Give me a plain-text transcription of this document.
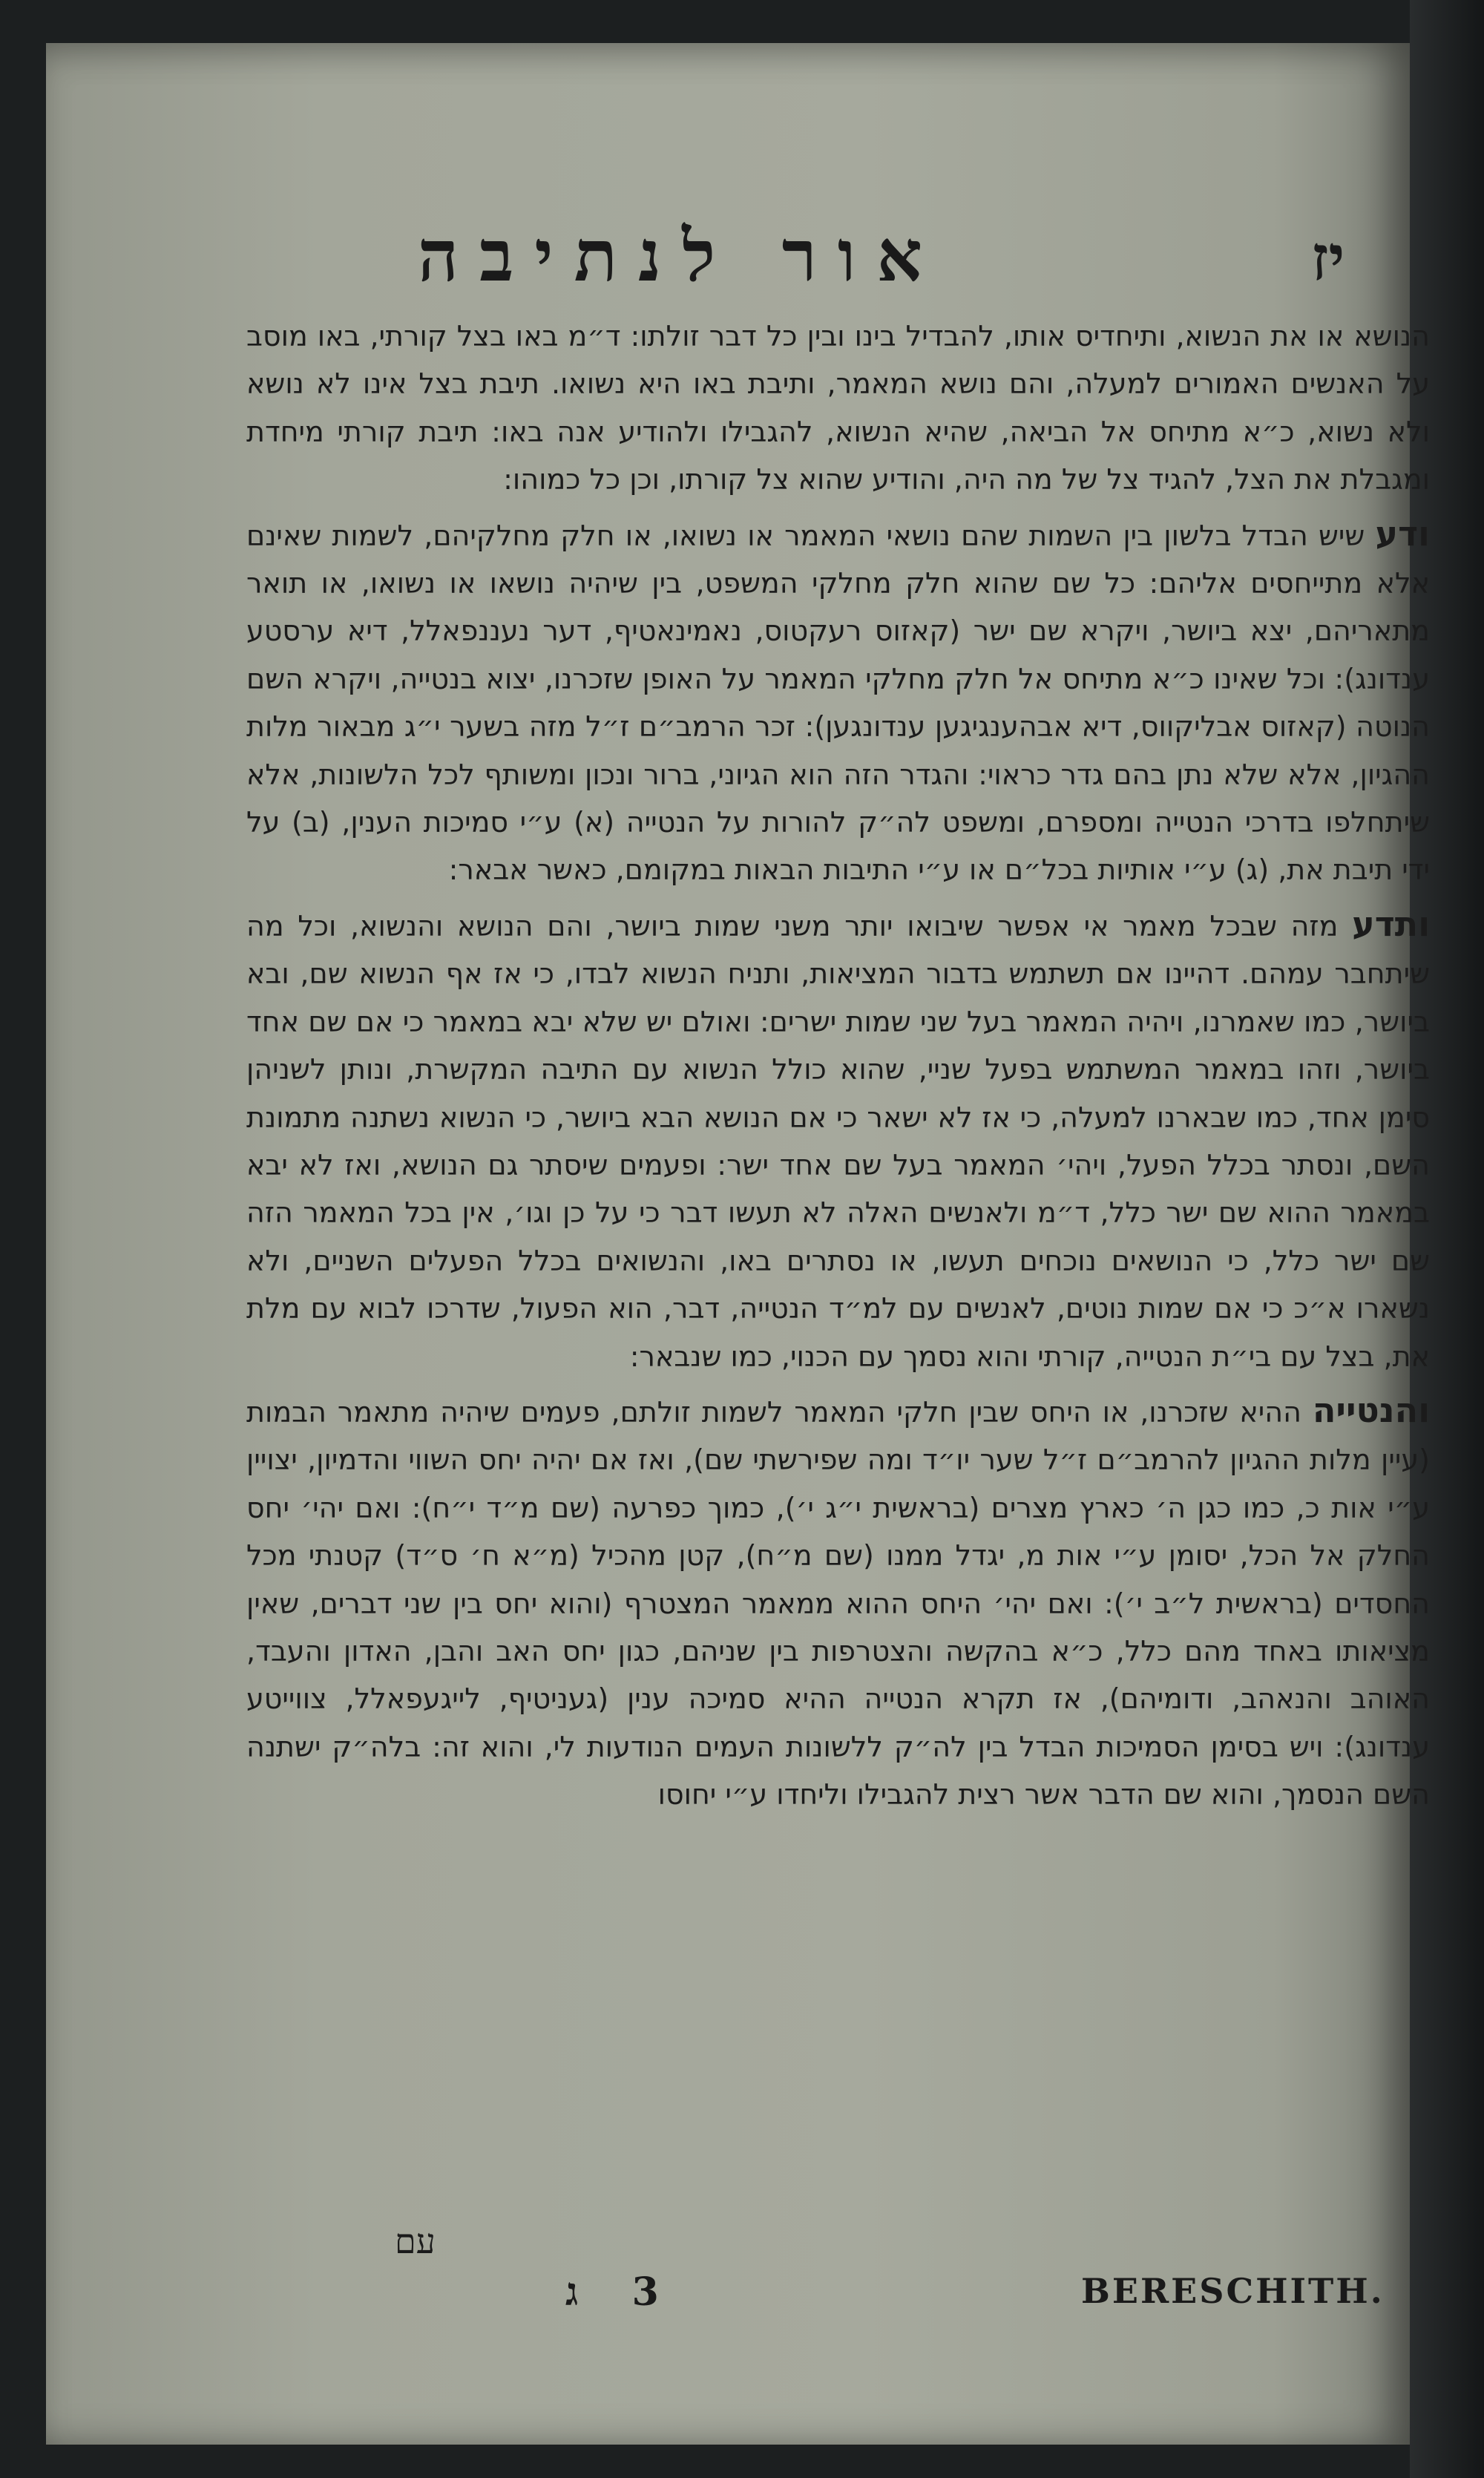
יז
אור לנתיבה

הנושא או את הנשוא, ותיחדיס אותו, להבדיל בינו ובין כל דבר זולתו: ד״מ באו בצל קורתי, באו מוסב על האנשים האמורים למעלה, והם נושא המאמר, ותיבת באו היא נשואו. תיבת בצל אינו לא נושא ולא נשוא, כ״א מתיחס אל הביאה, שהיא הנשוא, להגבילו ולהודיע אנה באו: תיבת קורתי מיחדת ומגבלת את הצל, להגיד צל של מה היה, והודיע שהוא צל קורתו, וכן כל כמוהו:

ודע שיש הבדל בלשון בין השמות שהם נושאי המאמר או נשואו, או חלק מחלקיהם, לשמות שאינם אלא מתייחסים אליהם: כל שם שהוא חלק מחלקי המשפט, בין שיהיה נושאו או נשואו, או תואר מתאריהם, יצא ביושר, ויקרא שם ישר (קאזוס רעקטוס, נאמינאטיף, דער נעננפאלל, דיא ערסטע ענדונג): וכל שאינו כ״א מתיחס אל חלק מחלקי המאמר על האופן שזכרנו, יצוא בנטייה, ויקרא השם הנוטה (קאזוס אבליקווס, דיא אבהענגיגען ענדונגען): זכר הרמב״ם ז״ל מזה בשער י״ג מבאור מלות ההגיון, אלא שלא נתן בהם גדר כראוי: והגדר הזה הוא הגיוני, ברור ונכון ומשותף לכל הלשונות, אלא שיתחלפו בדרכי הנטייה ומספרם, ומשפט לה״ק להורות על הנטייה (א) ע״י סמיכות הענין, (ב) על ידי תיבת את, (ג) ע״י אותיות בכל״ם או ע״י התיבות הבאות במקומם, כאשר אבאר:

ותדע מזה שבכל מאמר אי אפשר שיבואו יותר משני שמות ביושר, והם הנושא והנשוא, וכל מה שיתחבר עמהם. דהיינו אם תשתמש בדבור המציאות, ותניח הנשוא לבדו, כי אז אף הנשוא שם, ובא ביושר, כמו שאמרנו, ויהיה המאמר בעל שני שמות ישרים: ואולם יש שלא יבא במאמר כי אם שם אחד ביושר, וזהו במאמר המשתמש בפעל שניי, שהוא כולל הנשוא עם התיבה המקשרת, ונותן לשניהן סימן אחד, כמו שבארנו למעלה, כי אז לא ישאר כי אם הנושא הבא ביושר, כי הנשוא נשתנה מתמונת השם, ונסתר בכלל הפעל, ויהי׳ המאמר בעל שם אחד ישר: ופעמים שיסתר גם הנושא, ואז לא יבא במאמר ההוא שם ישר כלל, ד״מ ולאנשים האלה לא תעשו דבר כי על כן וגו׳, אין בכל המאמר הזה שם ישר כלל, כי הנושאים נוכחים תעשו, או נסתרים באו, והנשואים בכלל הפעלים השניים, ולא נשארו א״כ כי אם שמות נוטים, לאנשים עם למ״ד הנטייה, דבר, הוא הפעול, שדרכו לבוא עם מלת את, בצל עם בי״ת הנטייה, קורתי והוא נסמך עם הכנוי, כמו שנבאר:

והנטייה ההיא שזכרנו, או היחס שבין חלקי המאמר לשמות זולתם, פעמים שיהיה מתאמר הבמות (עיין מלות ההגיון להרמב״ם ז״ל שער יו״ד ומה שפירשתי שם), ואז אם יהיה יחס השווי והדמיון, יצויין ע״י אות כ, כמו כגן ה׳ כארץ מצרים (בראשית י״ג י׳), כמוך כפרעה (שם מ״ד י״ח): ואם יהי׳ יחס החלק אל הכל, יסומן ע״י אות מ, יגדל ממנו (שם מ״ח), קטן מהכיל (מ״א ח׳ ס״ד) קטנתי מכל החסדים (בראשית ל״ב י׳): ואם יהי׳ היחס ההוא ממאמר המצטרף (והוא יחס בין שני דברים, שאין מציאותו באחד מהם כלל, כ״א בהקשה והצטרפות בין שניהם, כגון יחס האב והבן, האדון והעבד, האוהב והנאהב, ודומיהם), אז תקרא הנטייה ההיא סמיכה ענין (געניטיף, לייגעפאלל, צווייטע ענדונג): ויש בסימן הסמיכות הבדל בין לה״ק ללשונות העמים הנודעות לי, והוא זה: בלה״ק ישתנה השם הנסמך, והוא שם הדבר אשר רצית להגבילו וליחדו ע״י יחוסו

עם
3    ג	BERESCHITH.
